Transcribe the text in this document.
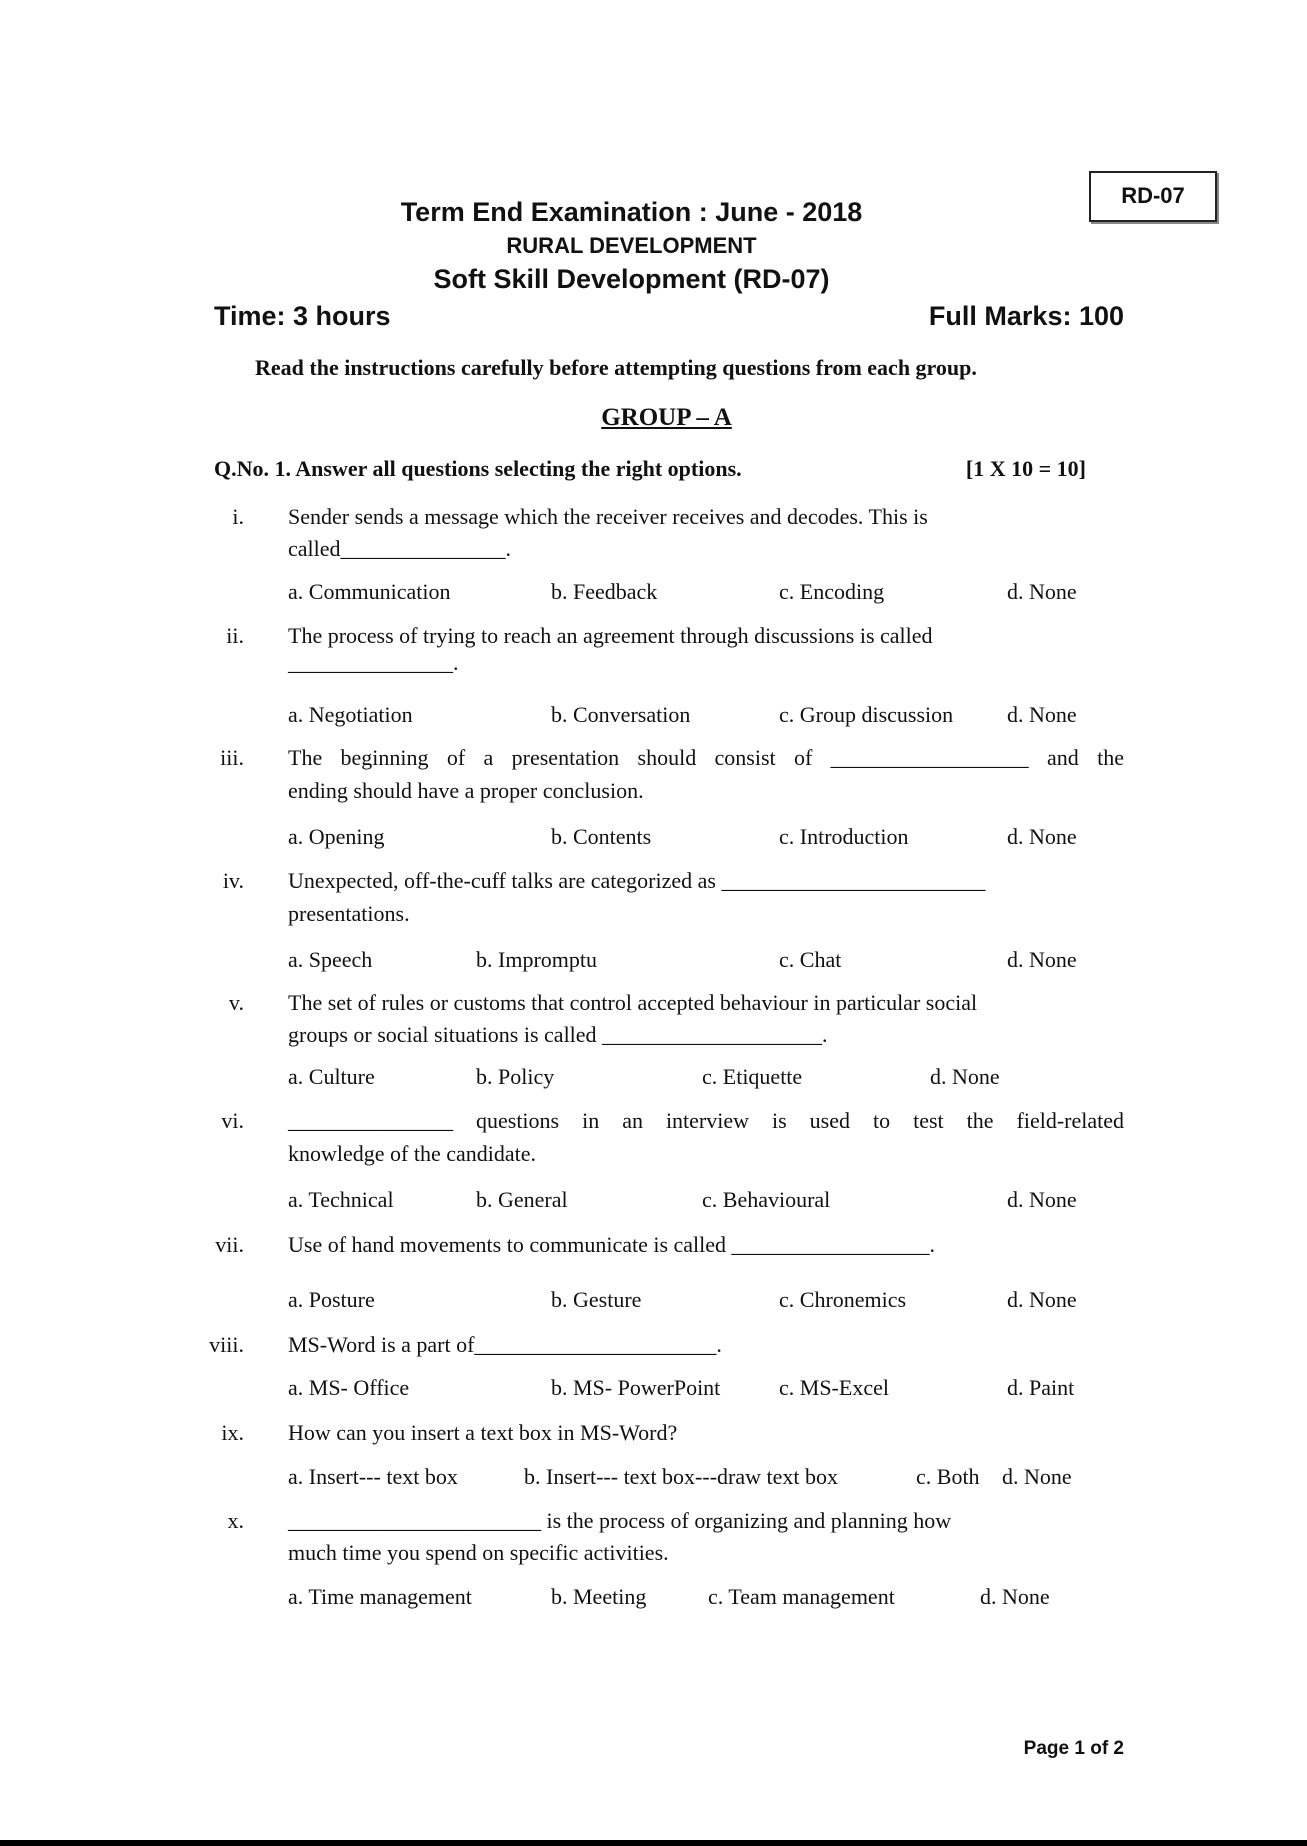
RD-07
Term End Examination : June - 2018
RURAL DEVELOPMENT
Soft Skill Development (RD-07)
Time: 3 hours	Full Marks: 100
Read the instructions carefully before attempting questions from each group.
GROUP – A
Q.No. 1. Answer all questions selecting the right options.	[1 X 10 = 10]
i. Sender sends a message which the receiver receives and decodes. This is
called_______________.
a. Communication	b. Feedback	c. Encoding	d. None
ii. The process of trying to reach an agreement through discussions is called
_______________.
a. Negotiation	b. Conversation	c. Group discussion d. None
iii. The beginning of a presentation should consist of __________________ and the
ending should have a proper conclusion.
a. Opening	b. Contents	c. Introduction	d. None
iv. Unexpected, off-the-cuff talks are categorized as ________________________
presentations.
a. Speech	b. Impromptu	c. Chat	d. None
v. The set of rules or customs that control accepted behaviour in particular social
groups or social situations is called ____________________.
a. Culture	b. Policy	c. Etiquette	d. None
vi. _______________ questions in an interview is used to test the field-related
knowledge of the candidate.
a. Technical	b. General	c. Behavioural	d. None
vii. Use of hand movements to communicate is called __________________.
a. Posture	b. Gesture	c. Chronemics	d. None
viii. MS-Word is a part of______________________.
a. MS- Office	b. MS- PowerPoint	c. MS-Excel	d. Paint
ix. How can you insert a text box in MS-Word?
a. Insert--- text box	b. Insert--- text box---draw text box	c. Both d. None
x. _______________________ is the process of organizing and planning how
much time you spend on specific activities.
a. Time management	b. Meeting	c. Team management	d. None
Page 1 of 2
